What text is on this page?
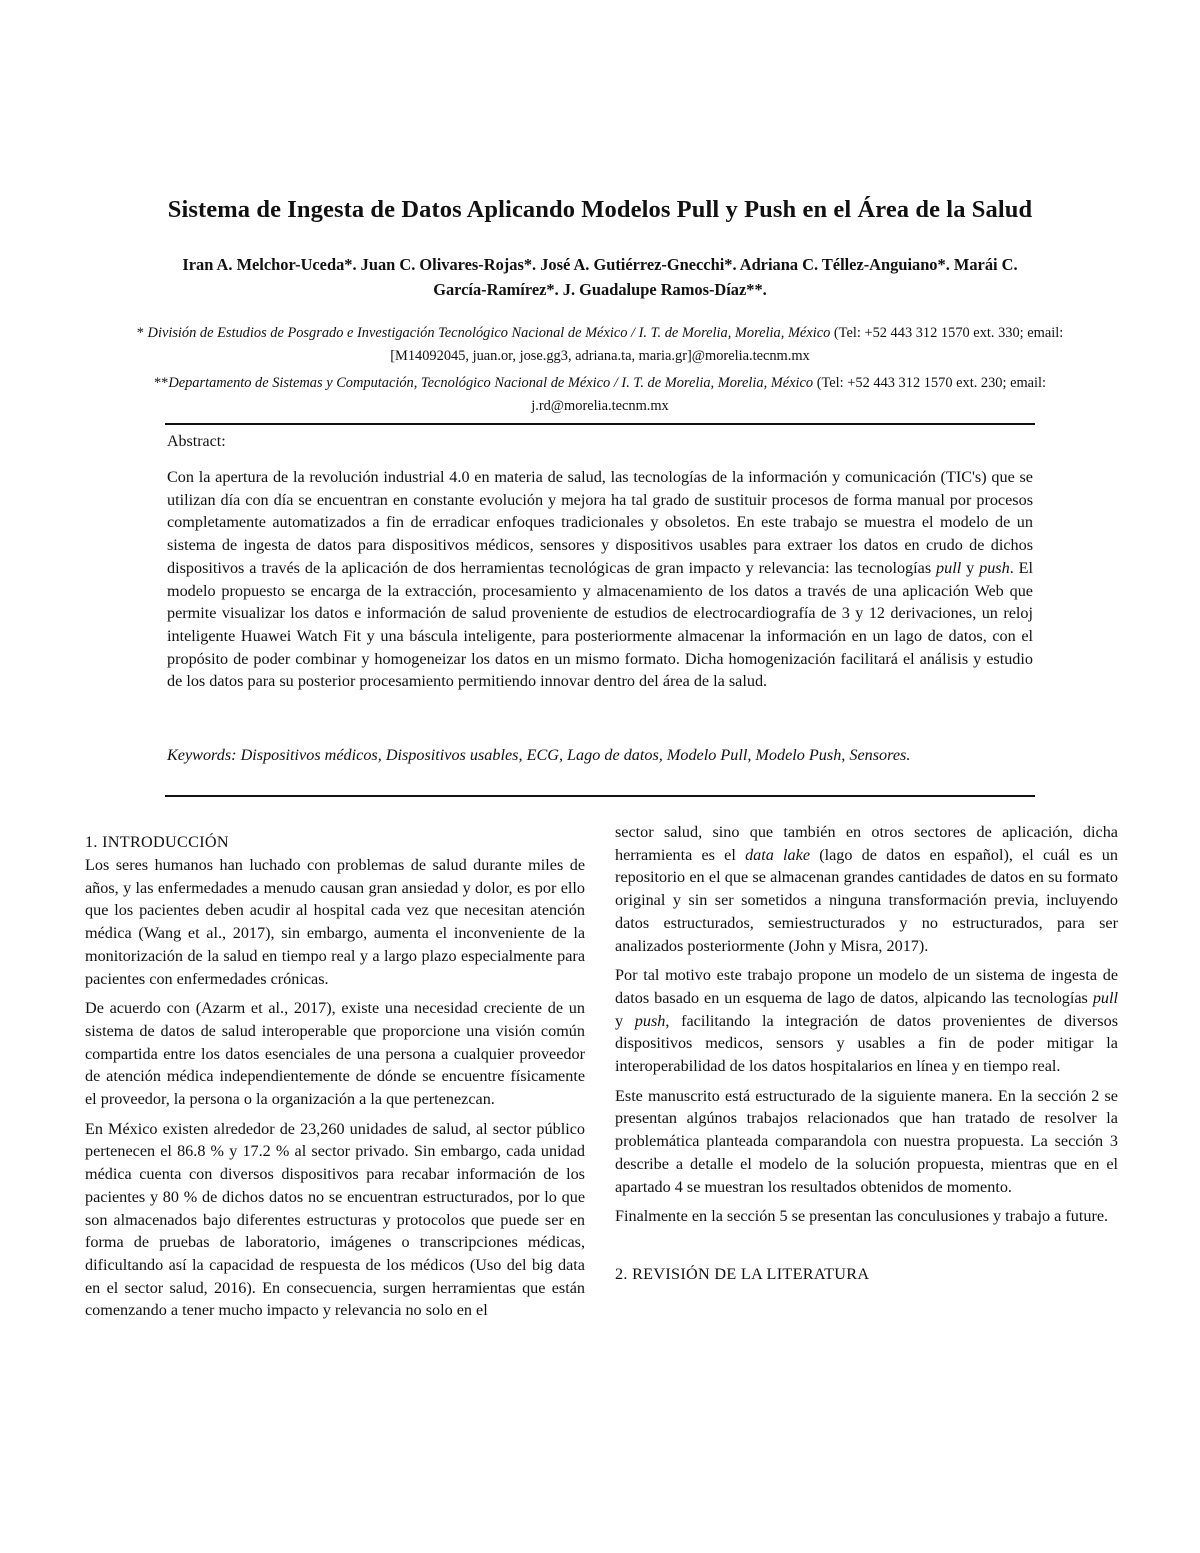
Sistema de Ingesta de Datos Aplicando Modelos Pull y Push en el Área de la Salud
Iran A. Melchor-Uceda*. Juan C. Olivares-Rojas*. José A. Gutiérrez-Gnecchi*. Adriana C. Téllez-Anguiano*. Marái C.
García-Ramírez*. J. Guadalupe Ramos-Díaz**.
* División de Estudios de Posgrado e Investigación Tecnológico Nacional de México / I. T. de Morelia, Morelia, México (Tel: +52 443 312 1570 ext. 330; email: [M14092045, juan.or, jose.gg3, adriana.ta, maria.gr]@morelia.tecnm.mx
**Departamento de Sistemas y Computación, Tecnológico Nacional de México / I. T. de Morelia, Morelia, México (Tel: +52 443 312 1570 ext. 230; email: j.rd@morelia.tecnm.mx
Abstract:

Con la apertura de la revolución industrial 4.0 en materia de salud, las tecnologías de la información y comunicación (TIC's) que se utilizan día con día se encuentran en constante evolución y mejora ha tal grado de sustituir procesos de forma manual por procesos completamente automatizados a fin de erradicar enfoques tradicionales y obsoletos. En este trabajo se muestra el modelo de un sistema de ingesta de datos para dispositivos médicos, sensores y dispositivos usables para extraer los datos en crudo de dichos dispositivos a través de la aplicación de dos herramientas tecnológicas de gran impacto y relevancia: las tecnologías pull y push. El modelo propuesto se encarga de la extracción, procesamiento y almacenamiento de los datos a través de una aplicación Web que permite visualizar los datos e información de salud proveniente de estudios de electrocardiografía de 3 y 12 derivaciones, un reloj inteligente Huawei Watch Fit y una báscula inteligente, para posteriormente almacenar la información en un lago de datos, con el propósito de poder combinar y homogeneizar los datos en un mismo formato. Dicha homogenización facilitará el análisis y estudio de los datos para su posterior procesamiento permitiendo innovar dentro del área de la salud.

Keywords: Dispositivos médicos, Dispositivos usables, ECG, Lago de datos, Modelo Pull, Modelo Push, Sensores.

1. INTRODUCCIÓN

Los seres humanos han luchado con problemas de salud durante miles de años, y las enfermedades a menudo causan gran ansiedad y dolor, es por ello que los pacientes deben acudir al hospital cada vez que necesitan atención médica (Wang et al., 2017), sin embargo, aumenta el inconveniente de la monitorización de la salud en tiempo real y a largo plazo especialmente para pacientes con enfermedades crónicas.

De acuerdo con (Azarm et al., 2017), existe una necesidad creciente de un sistema de datos de salud interoperable que proporcione una visión común compartida entre los datos esenciales de una persona a cualquier proveedor de atención médica independientemente de dónde se encuentre físicamente el proveedor, la persona o la organización a la que pertenezcan.

En México existen alrededor de 23,260 unidades de salud, al sector público pertenecen el 86.8 % y 17.2 % al sector privado. Sin embargo, cada unidad médica cuenta con diversos dispositivos para recabar información de los pacientes y 80 % de dichos datos no se encuentran estructurados, por lo que son almacenados bajo diferentes estructuras y protocolos que puede ser en forma de pruebas de laboratorio, imágenes o transcripciones médicas, dificultando así la capacidad de respuesta de los médicos (Uso del big data en el sector salud, 2016). En consecuencia, surgen herramientas que están comenzando a tener mucho impacto y relevancia no solo en el

sector salud, sino que también en otros sectores de aplicación, dicha herramienta es el data lake (lago de datos en español), el cuál es un repositorio en el que se almacenan grandes cantidades de datos en su formato original y sin ser sometidos a ninguna transformación previa, incluyendo datos estructurados, semiestructurados y no estructurados, para ser analizados posteriormente (John y Misra, 2017).

Por tal motivo este trabajo propone un modelo de un sistema de ingesta de datos basado en un esquema de lago de datos, alpicando las tecnologías pull y push, facilitando la integración de datos provenientes de diversos dispositivos medicos, sensors y usables a fin de poder mitigar la interoperabilidad de los datos hospitalarios en línea y en tiempo real.

Este manuscrito está estructurado de la siguiente manera. En la sección 2 se presentan algúnos trabajos relacionados que han tratado de resolver la problemática planteada comparandola con nuestra propuesta. La sección 3 describe a detalle el modelo de la solución propuesta, mientras que en el apartado 4 se muestran los resultados obtenidos de momento.

Finalmente en la sección 5 se presentan las conculusiones y trabajo a future.

2. REVISIÓN DE LA LITERATURA
